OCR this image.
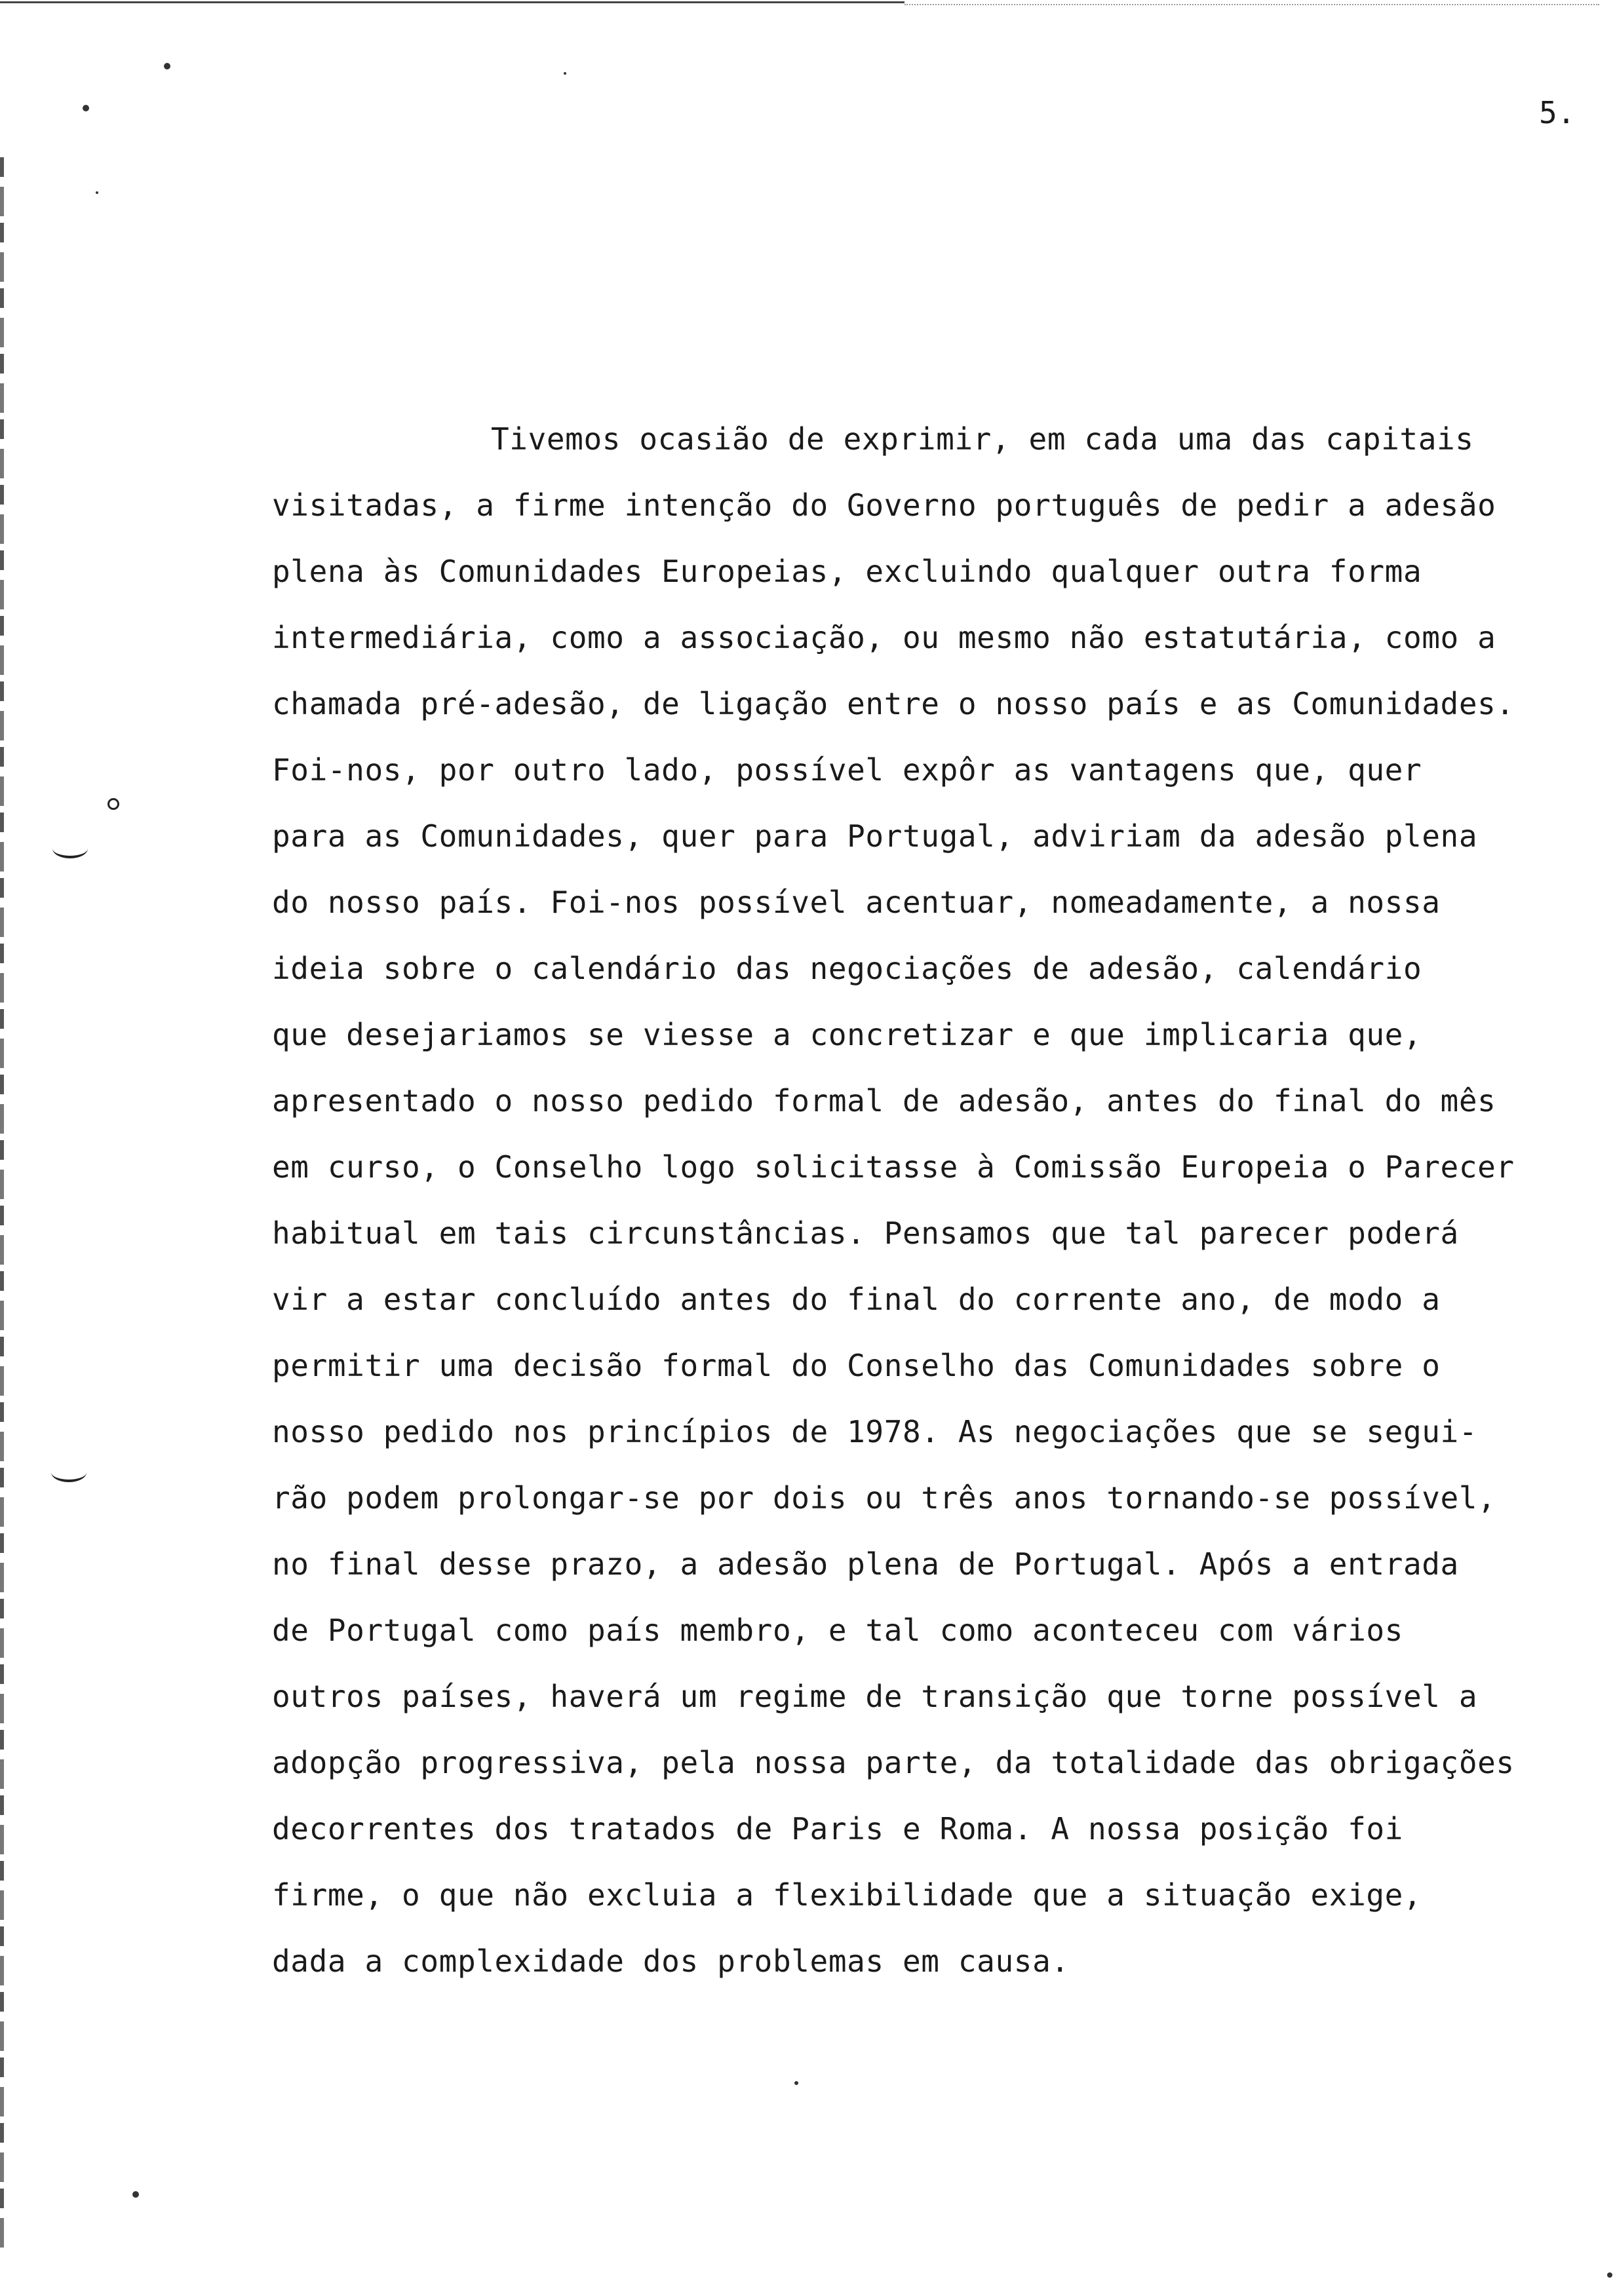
5.
Tivemos ocasião de exprimir, em cada uma das capitais
visitadas, a firme intenção do Governo português de pedir a adesão
plena às Comunidades Europeias, excluindo qualquer outra forma
intermediária, como a associação, ou mesmo não estatutária, como a
chamada pré-adesão, de ligação entre o nosso país e as Comunidades.
Foi-nos, por outro lado, possível expôr as vantagens que, quer
para as Comunidades, quer para Portugal, adviriam da adesão plena
do nosso país. Foi-nos possível acentuar, nomeadamente, a nossa
ideia sobre o calendário das negociações de adesão, calendário
que desejariamos se viesse a concretizar e que implicaria que,
apresentado o nosso pedido formal de adesão, antes do final do mês
em curso, o Conselho logo solicitasse à Comissão Europeia o Parecer
habitual em tais circunstâncias. Pensamos que tal parecer poderá
vir a estar concluído antes do final do corrente ano, de modo a
permitir uma decisão formal do Conselho das Comunidades sobre o
nosso pedido nos princípios de 1978. As negociações que se segui-
rão podem prolongar-se por dois ou três anos tornando-se possível,
no final desse prazo, a adesão plena de Portugal. Após a entrada
de Portugal como país membro, e tal como aconteceu com vários
outros países, haverá um regime de transição que torne possível a
adopção progressiva, pela nossa parte, da totalidade das obrigações
decorrentes dos tratados de Paris e Roma. A nossa posição foi
firme, o que não excluia a flexibilidade que a situação exige,
dada a complexidade dos problemas em causa.
